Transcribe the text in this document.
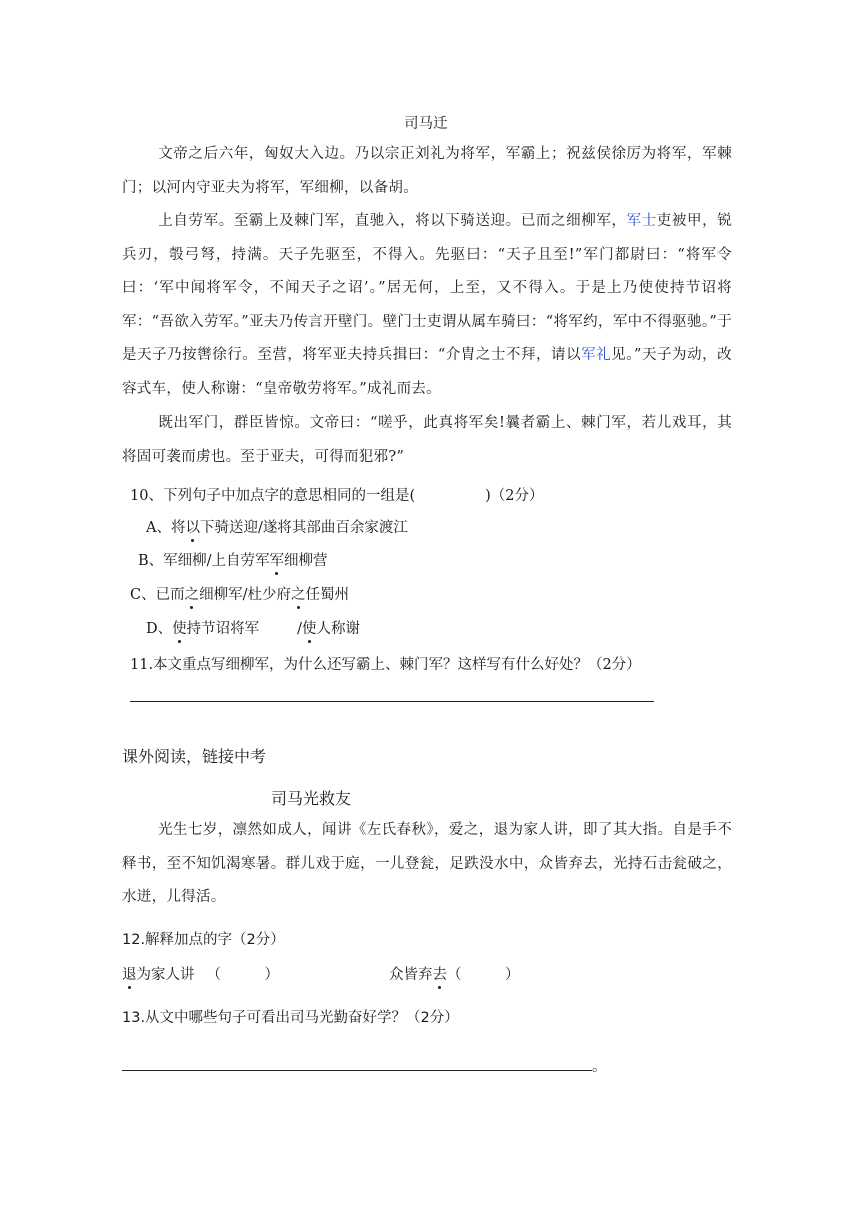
司马迁
文帝之后六年，匈奴大入边。乃以宗正刘礼为将军，军霸上；祝兹侯徐厉为将军，军棘门；以河内守亚夫为将军，军细柳，以备胡。
上自劳军。至霸上及棘门军，直驰入，将以下骑送迎。已而之细柳军，军士吏被甲，锐兵刃，彀弓弩，持满。天子先驱至，不得入。先驱曰：“天子且至!”军门都尉曰：“将军令曰：‘军中闻将军令，不闻天子之诏’。”居无何，上至，又不得入。于是上乃使使持节诏将军：“吾欲入劳军。”亚夫乃传言开壁门。壁门士吏谓从属车骑曰：“将军约，军中不得驱驰。”于是天子乃按辔徐行。至营，将军亚夫持兵揖曰：“介胄之士不拜，请以军礼见。”天子为动，改容式车，使人称谢：“皇帝敬劳将军。”成礼而去。
既出军门，群臣皆惊。文帝曰：“嗟乎，此真将军矣!曩者霸上、棘门军，若儿戏耳，其将固可袭而虏也。至于亚夫，可得而犯邪?”
10、下列句子中加点字的意思相同的一组是(	)（2分）
A、将以下骑送迎/遂将其部曲百余家渡江
B、军细柳/上自劳军军细柳营
C、已而之细柳军/杜少府之任蜀州
D、使持节诏将军	/使人称谢
11.本文重点写细柳军，为什么还写霸上、棘门军？这样写有什么好处？（2分）
课外阅读，链接中考
司马光救友
光生七岁，凛然如成人，闻讲《左氏春秋》，爱之，退为家人讲，即了其大指。自是手不释书，至不知饥渴寒暑。群儿戏于庭，一儿登瓮，足跌没水中，众皆弃去，光持石击瓮破之，水迸，儿得活。
12.解释加点的字（2分）
退为家人讲 （　　　）	众皆弃去（　　　）
13.从文中哪些句子可看出司马光勤奋好学？（2分）
。
